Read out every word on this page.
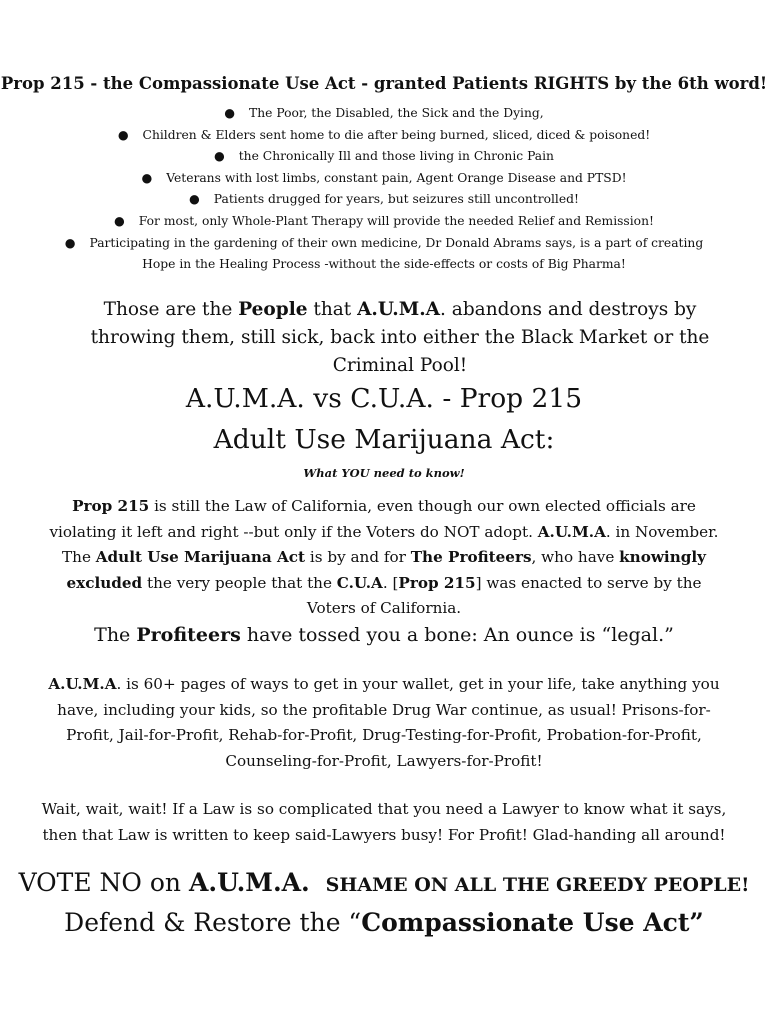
Prop 215 - the Compassionate Use Act - granted Patients RIGHTS by the 6th word!

● The Poor, the Disabled, the Sick and the Dying,
● Children & Elders sent home to die after being burned, sliced, diced & poisoned!
● the Chronically Ill and those living in Chronic Pain
● Veterans with lost limbs, constant pain, Agent Orange Disease and PTSD!
● Patients drugged for years, but seizures still uncontrolled!
● For most, only Whole-Plant Therapy will provide the needed Relief and Remission!
● Participating in the gardening of their own medicine, Dr Donald Abrams says, is a part of creating
Hope in the Healing Process -without the side-effects or costs of Big Pharma!

Those are the People that A.U.M.A. abandons and destroys by throwing them, still sick, back into either the Black Market or the Criminal Pool!

A.U.M.A. vs C.U.A. - Prop 215

Adult Use Marijuana Act:

What YOU need to know!

Prop 215 is still the Law of California, even though our own elected officials are violating it left and right --but only if the Voters do NOT adopt. A.U.M.A. in November. The Adult Use Marijuana Act is by and for The Profiteers, who have knowingly excluded the very people that the C.U.A. [Prop 215] was enacted to serve by the Voters of California.

The Profiteers have tossed you a bone: An ounce is “legal.”

A.U.M.A. is 60+ pages of ways to get in your wallet, get in your life, take anything you have, including your kids, so the profitable Drug War continue, as usual! Prisons-for-Profit, Jail-for-Profit, Rehab-for-Profit, Drug-Testing-for-Profit, Probation-for-Profit, Counseling-for-Profit, Lawyers-for-Profit!

Wait, wait, wait! If a Law is so complicated that you need a Lawyer to know what it says, then that Law is written to keep said-Lawyers busy! For Profit! Glad-handing all around!

VOTE NO on A.U.M.A. SHAME ON ALL THE GREEDY PEOPLE!

Defend & Restore the “Compassionate Use Act”
